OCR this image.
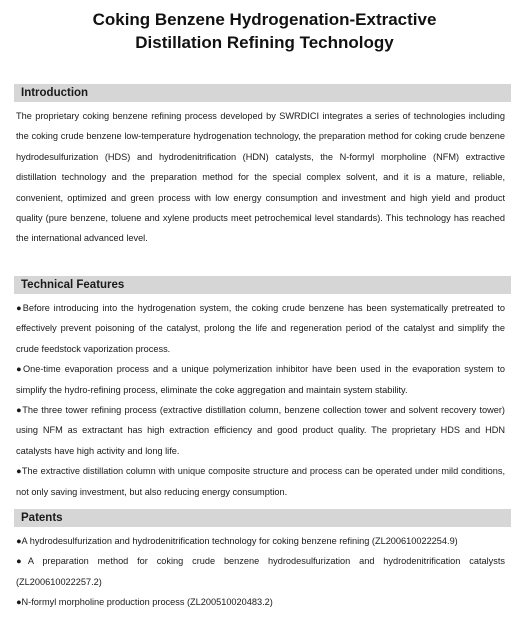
Coking Benzene Hydrogenation-Extractive
Distillation Refining Technology
Introduction

The proprietary coking benzene refining process developed by SWRDICI integrates a series of technologies including the coking crude benzene low-temperature hydrogenation technology, the preparation method for coking crude benzene hydrodesulfurization (HDS) and hydrodenitrification (HDN) catalysts, the N-formyl morpholine (NFM) extractive distillation technology and the preparation method for the special complex solvent, and it is a mature, reliable, convenient, optimized and green process with low energy consumption and investment and high yield and product quality (pure benzene, toluene and xylene products meet petrochemical level standards). This technology has reached the international advanced level.

Technical Features

●Before introducing into the hydrogenation system, the coking crude benzene has been systematically pretreated to effectively prevent poisoning of the catalyst, prolong the life and regeneration period of the catalyst and simplify the crude feedstock vaporization process.

●One-time evaporation process and a unique polymerization inhibitor have been used in the evaporation system to simplify the hydro-refining process, eliminate the coke aggregation and maintain system stability.

●The three tower refining process (extractive distillation column, benzene collection tower and solvent recovery tower) using NFM as extractant has high extraction efficiency and good product quality. The proprietary HDS and HDN catalysts have high activity and long life.

●The extractive distillation column with unique composite structure and process can be operated under mild conditions, not only saving investment, but also reducing energy consumption.

Patents

●A hydrodesulfurization and hydrodenitrification technology for coking benzene refining (ZL200610022254.9)

●A preparation method for coking crude benzene hydrodesulfurization and hydrodenitrification catalysts (ZL200610022257.2)

●N-formyl morpholine production process (ZL200510020483.2)
